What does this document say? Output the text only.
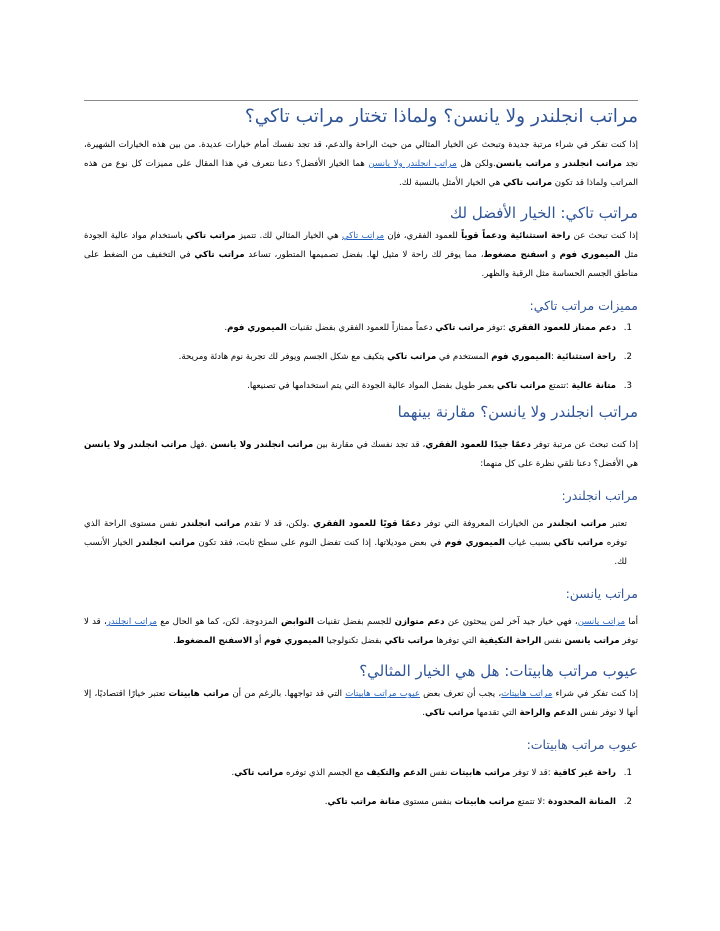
مراتب انجلندر ولا يانسن؟ ولماذا تختار مراتب تاكي؟

إذا كنت تفكر في شراء مرتبة جديدة وتبحث عن الخيار المثالي من حيث الراحة والدعم، قد تجد نفسك أمام خيارات عديدة. من بين هذه الخيارات الشهيرة، نجد مراتب انجلندر و مراتب يانسن.ولكن هل مراتب انجلندر ولا يانسن هما الخيار الأفضل؟ دعنا نتعرف في هذا المقال على مميزات كل نوع من هذه المراتب ولماذا قد تكون مراتب تاكي هي الخيار الأمثل بالنسبة لك.

مراتب تاكي: الخيار الأفضل لك

إذا كنت تبحث عن راحة استثنائية ودعماً قوياً للعمود الفقري، فإن مراتب تاكي هي الخيار المثالي لك. تتميز مراتب تاكي باستخدام مواد عالية الجودة مثل الميموري فوم و اسفنج مضغوط، مما يوفر لك راحة لا مثيل لها. بفضل تصميمها المتطور، تساعد مراتب تاكي في التخفيف من الضغط على مناطق الجسم الحساسة مثل الرقبة والظهر.

مميزات مراتب تاكي:
1.
دعم ممتاز للعمود الفقري :توفر مراتب تاكي دعماً ممتازاً للعمود الفقري بفضل تقنيات الميموري فوم.
2.
راحة استثنائية :الميموري فوم المستخدم في مراتب تاكي يتكيف مع شكل الجسم ويوفر لك تجربة نوم هادئة ومريحة.
3.
متانة عالية :تتمتع مراتب تاكي بعمر طويل بفضل المواد عالية الجودة التي يتم استخدامها في تصنيعها.
مراتب انجلندر ولا يانسن؟ مقارنة بينهما

إذا كنت تبحث عن مرتبة توفر دعمًا جيدًا للعمود الفقري، قد تجد نفسك في مقارنة بين مراتب انجلندر ولا يانسن .فهل مراتب انجلندر ولا يانسن هي الأفضل؟ دعنا نلقي نظرة على كل منهما:

مراتب انجلندر:

تعتبر مراتب انجلندر من الخيارات المعروفة التي توفر دعمًا قويًا للعمود الفقري .ولكن، قد لا تقدم مراتب انجلندر نفس مستوى الراحة الذي توفره مراتب تاكي بسبب غياب الميموري فوم في بعض موديلاتها. إذا كنت تفضل النوم على سطح ثابت، فقد تكون مراتب انجلندر الخيار الأنسب لك.

مراتب يانسن:

أما مراتب يانسن، فهي خيار جيد آخر لمن يبحثون عن دعم متوازن للجسم بفضل تقنيات النوابض المزدوجة. لكن، كما هو الحال مع مراتب انجلندر، قد لا توفر مراتب يانسن نفس الراحة التكيفية التي توفرها مراتب تاكي بفضل تكنولوجيا الميموري فوم أو الاسفنج المضغوط.

عيوب مراتب هابيتات: هل هي الخيار المثالي؟

إذا كنت تفكر في شراء مراتب هابيتات، يجب أن تعرف بعض عيوب مراتب هابيتات التي قد تواجهها. بالرغم من أن مراتب هابيتات تعتبر خيارًا اقتصاديًا، إلا أنها لا توفر نفس الدعم والراحة التي تقدمها مراتب تاكي.

عيوب مراتب هابيتات:
1.
راحة غير كافية :قد لا توفر مراتب هابيتات نفس الدعم والتكيف مع الجسم الذي توفره مراتب تاكي.
2.
المتانة المحدودة :لا تتمتع مراتب هابيتات بنفس مستوى متانة مراتب تاكي.
